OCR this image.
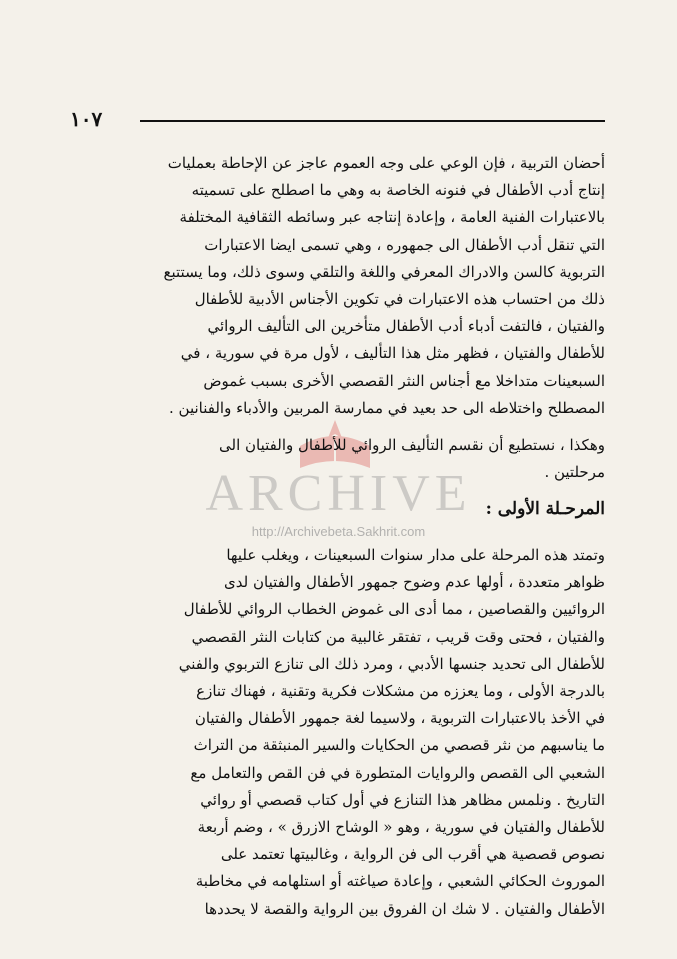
١٠٧

أحضان التربية ، فإن الوعي على وجه العموم عاجز عن الإحاطة بعمليات

إنتاج أدب الأطفال في فنونه الخاصة به وهي ما اصطلح على تسميته

بالاعتبارات الفنية العامة ، وإعادة إنتاجه عبر وسائطه الثقافية المختلفة

التي تنقل أدب الأطفال الى جمهوره ، وهي تسمى ايضا الاعتبارات

التربوية كالسن والادراك المعرفي واللغة والتلقي وسوى ذلك، وما يستتبع

ذلك من احتساب هذه الاعتبارات في تكوين الأجناس الأدبية للأطفال

والفتيان ، فالتفت أدباء أدب الأطفال متأخرين الى التأليف الروائي

للأطفال والفتيان ، فظهر مثل هذا التأليف ، لأول مرة في سورية ، في

السبعينات متداخلا مع أجناس النثر القصصي الأخرى بسبب غموض

المصطلح واختلاطه الى حد بعيد في ممارسة المربين والأدباء والفنانين .

ARCHIVE
http://Archivebeta.Sakhrit.com

وهكذا ، نستطيع أن نقسم التأليف الروائي للأطفال والفتيان الى

مرحلتين .

المرحـلة الأولى :

وتمتد هذه المرحلة على مدار سنوات السبعينات ، ويغلب عليها

ظواهر متعددة ، أولها عدم وضوح جمهور الأطفال والفتيان لدى

الروائيين والقصاصين ، مما أدى الى غموض الخطاب الروائي للأطفال

والفتيان ، فحتى وقت قريب ، تفتقر غالبية من كتابات النثر القصصي

للأطفال الى تحديد جنسها الأدبي ، ومرد ذلك الى تنازع التربوي والفني

بالدرجة الأولى ، وما يعززه من مشكلات فكرية وتقنية ، فهناك تنازع

في الأخذ بالاعتبارات التربوية ، ولاسيما لغة جمهور الأطفال والفتيان

ما يناسبهم من نثر قصصي من الحكايات والسير المنبثقة من التراث

الشعبي الى القصص والروايات المتطورة في فن القص والتعامل مع

التاريخ . ونلمس مظاهر هذا التنازع في أول كتاب قصصي أو روائي

للأطفال والفتيان في سورية ، وهو « الوشاح الازرق » ، وضم أربعة

نصوص قصصية هي أقرب الى فن الرواية ، وغالبيتها تعتمد على

الموروث الحكائي الشعبي ، وإعادة صياغته أو استلهامه في مخاطبة

الأطفال والفتيان . لا شك ان الفروق بين الرواية والقصة لا يحددها
